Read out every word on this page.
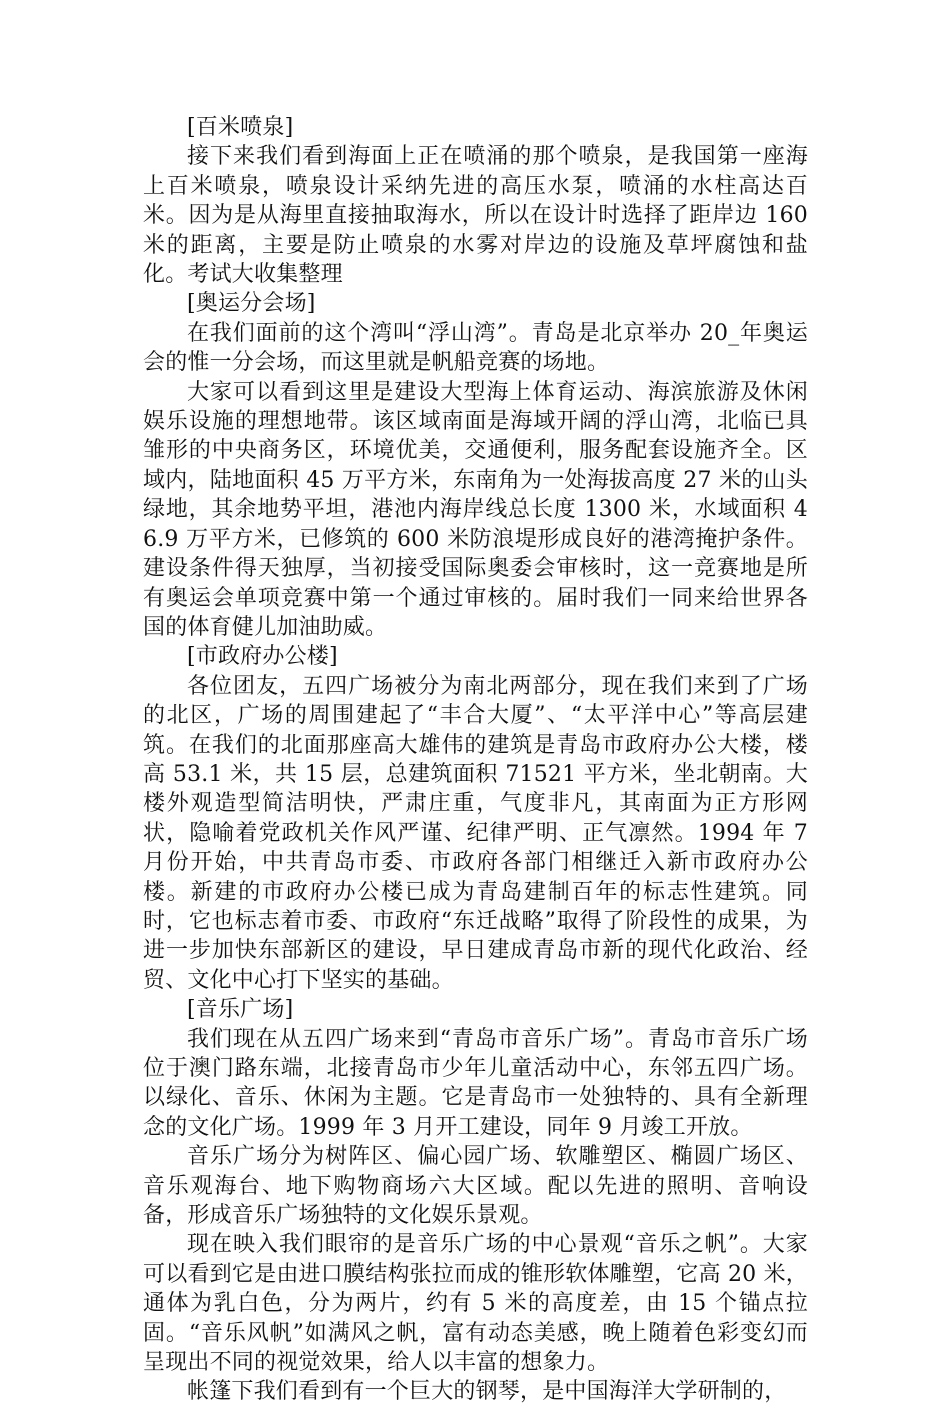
[百米喷泉]

接下来我们看到海面上正在喷涌的那个喷泉，是我国第一座海上百米喷泉，喷泉设计采纳先进的高压水泵，喷涌的水柱高达百米。因为是从海里直接抽取海水，所以在设计时选择了距岸边 160 米的距离，主要是防止喷泉的水雾对岸边的设施及草坪腐蚀和盐化。考试大收集整理

[奥运分会场]

在我们面前的这个湾叫“浮山湾”。青岛是北京举办 20_年奥运会的惟一分会场，而这里就是帆船竞赛的场地。

大家可以看到这里是建设大型海上体育运动、海滨旅游及休闲娱乐设施的理想地带。该区域南面是海域开阔的浮山湾，北临已具雏形的中央商务区，环境优美，交通便利，服务配套设施齐全。区域内，陆地面积 45 万平方米，东南角为一处海拔高度 27 米的山头绿地，其余地势平坦，港池内海岸线总长度 1300 米，水域面积 46.9 万平方米，已修筑的 600 米防浪堤形成良好的港湾掩护条件。建设条件得天独厚，当初接受国际奥委会审核时，这一竞赛地是所有奥运会单项竞赛中第一个通过审核的。届时我们一同来给世界各国的体育健儿加油助威。

[市政府办公楼]

各位团友，五四广场被分为南北两部分，现在我们来到了广场的北区，广场的周围建起了“丰合大厦”、“太平洋中心”等高层建筑。在我们的北面那座高大雄伟的建筑是青岛市政府办公大楼，楼高 53.1 米，共 15 层，总建筑面积 71521 平方米，坐北朝南。大楼外观造型简洁明快，严肃庄重，气度非凡，其南面为正方形网状，隐喻着党政机关作风严谨、纪律严明、正气凛然。1994 年 7 月份开始，中共青岛市委、市政府各部门相继迁入新市政府办公楼。新建的市政府办公楼已成为青岛建制百年的标志性建筑。同时，它也标志着市委、市政府“东迁战略”取得了阶段性的成果，为进一步加快东部新区的建设，早日建成青岛市新的现代化政治、经贸、文化中心打下坚实的基础。

[音乐广场]

我们现在从五四广场来到“青岛市音乐广场”。青岛市音乐广场位于澳门路东端，北接青岛市少年儿童活动中心，东邻五四广场。以绿化、音乐、休闲为主题。它是青岛市一处独特的、具有全新理念的文化广场。1999 年 3 月开工建设，同年 9 月竣工开放。

音乐广场分为树阵区、偏心园广场、软雕塑区、椭圆广场区、音乐观海台、地下购物商场六大区域。配以先进的照明、音响设备，形成音乐广场独特的文化娱乐景观。

现在映入我们眼帘的是音乐广场的中心景观“音乐之帆”。大家可以看到它是由进口膜结构张拉而成的锥形软体雕塑，它高 20 米，通体为乳白色，分为两片，约有 5 米的高度差，由 15 个锚点拉固。“音乐风帆”如满风之帆，富有动态美感，晚上随着色彩变幻而呈现出不同的视觉效果，给人以丰富的想象力。

帐篷下我们看到有一个巨大的钢琴，是中国海洋大学研制的，
